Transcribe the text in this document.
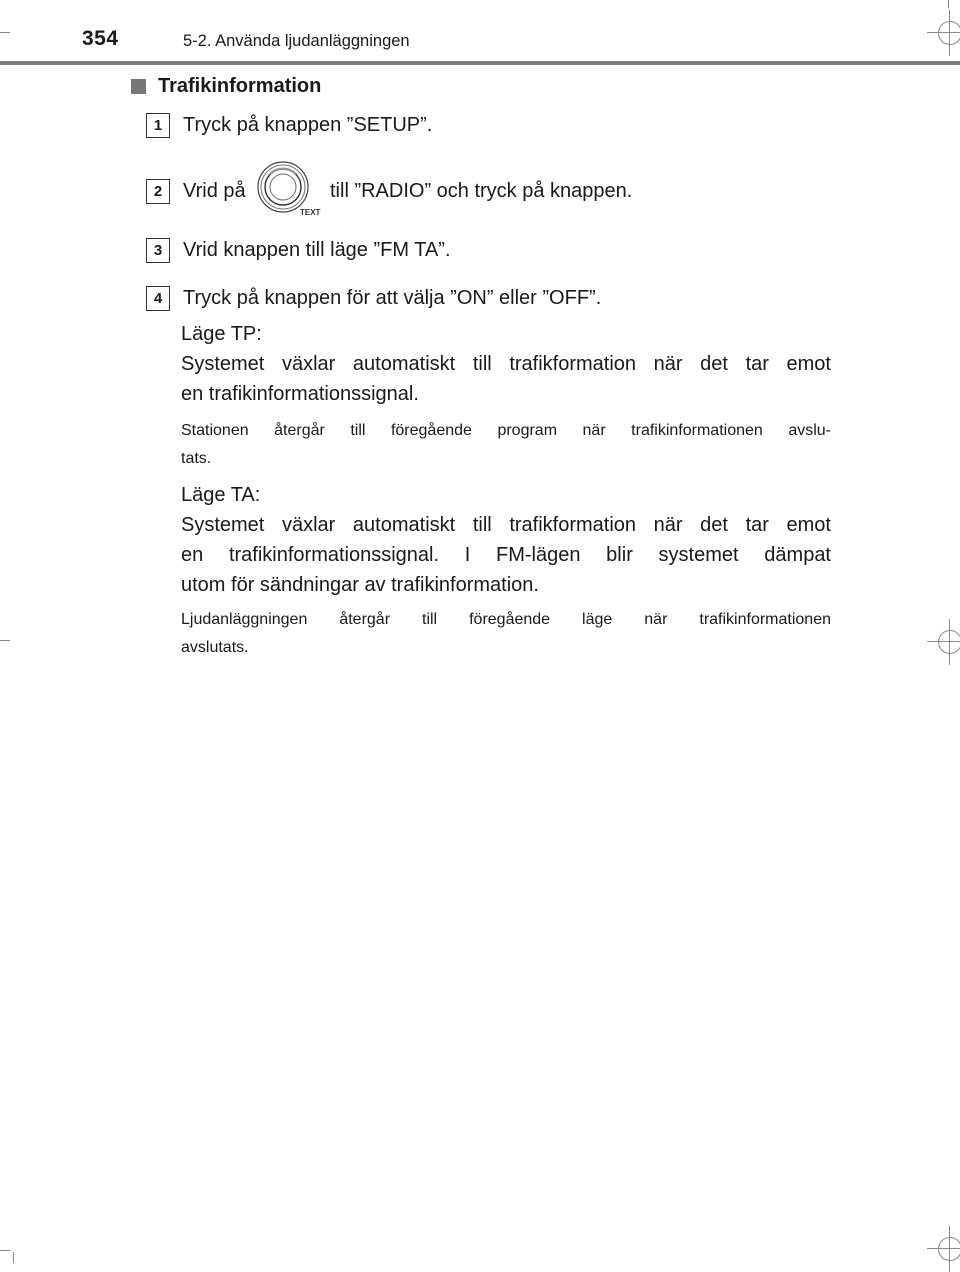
354	5-2. Använda ljudanläggningen
Trafikinformation
1	Tryck på knappen ”SETUP”.
2	Vrid på
TEXT
till ”RADIO” och tryck på knappen.
3	Vrid knappen till läge ”FM TA”.
4	Tryck på knappen för att välja ”ON” eller ”OFF”.
Läge TP:
Systemet växlar automatiskt till trafikformation när det tar emot
en trafikinformationssignal.
Stationen återgår till föregående program när trafikinformationen avslu-
tats.
Läge TA:
Systemet växlar automatiskt till trafikformation när det tar emot
en trafikinformationssignal. I FM-lägen blir systemet dämpat
utom för sändningar av trafikinformation.
Ljudanläggningen återgår till föregående läge när trafikinformationen
avslutats.
